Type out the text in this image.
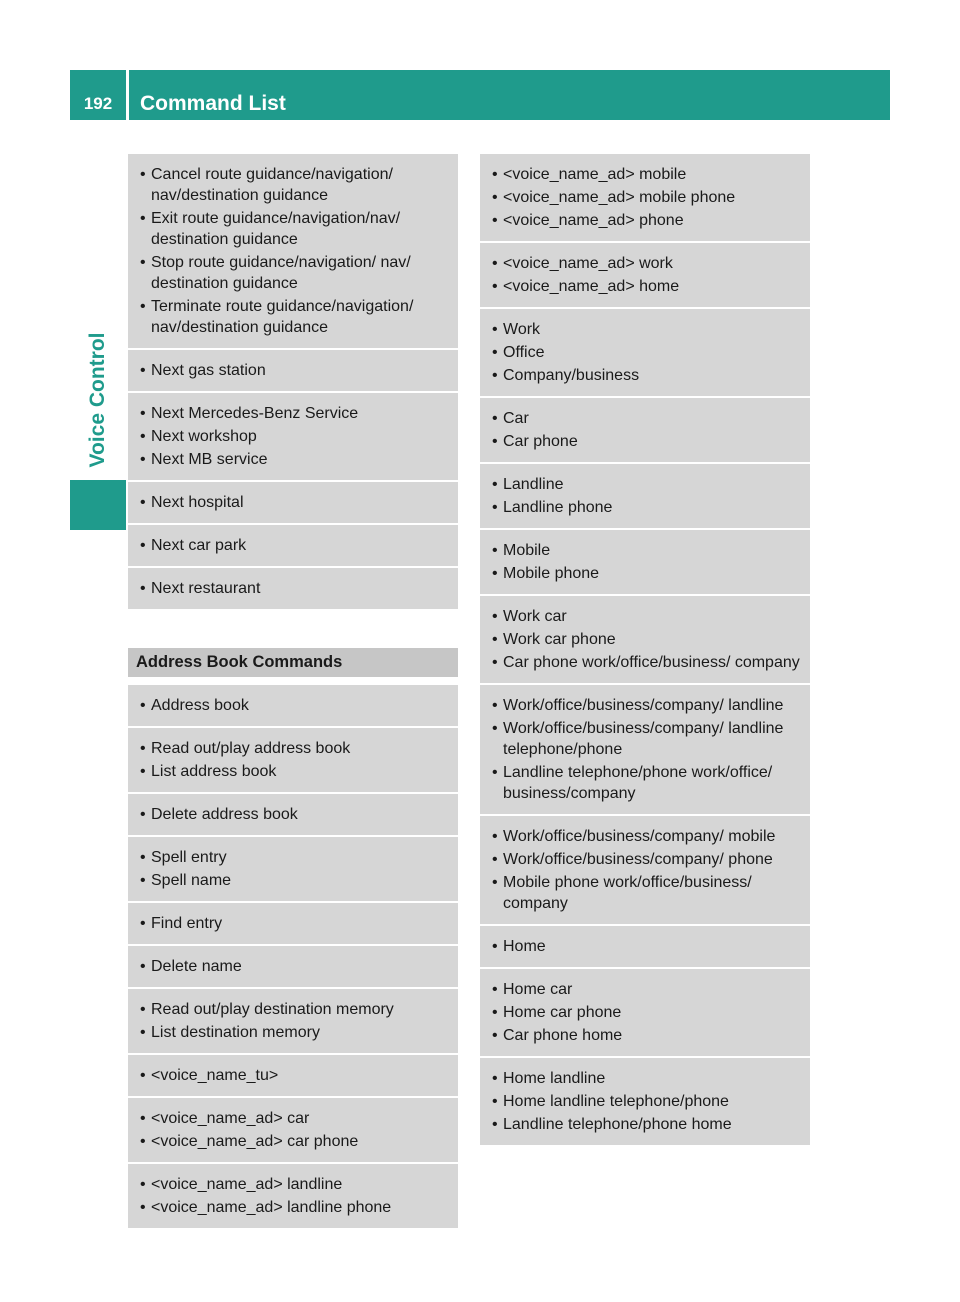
192	Command List
Voice Control
• Cancel route guidance/navigation/ nav/destination guidance
• Exit route guidance/navigation/nav/ destination guidance
• Stop route guidance/navigation/ nav/ destination guidance
• Terminate route guidance/navigation/ nav/destination guidance
• Next gas station
• Next Mercedes-Benz Service
• Next workshop
• Next MB service
• Next hospital
• Next car park
• Next restaurant
Address Book Commands
• Address book
• Read out/play address book
• List address book
• Delete address book
• Spell entry
• Spell name
• Find entry
• Delete name
• Read out/play destination memory
• List destination memory
• <voice_name_tu>
• <voice_name_ad> car
• <voice_name_ad> car phone
• <voice_name_ad> landline
• <voice_name_ad> landline phone
• <voice_name_ad> mobile
• <voice_name_ad> mobile phone
• <voice_name_ad> phone
• <voice_name_ad> work
• <voice_name_ad> home
• Work
• Office
• Company/business
• Car
• Car phone
• Landline
• Landline phone
• Mobile
• Mobile phone
• Work car
• Work car phone
• Car phone work/office/business/ company
• Work/office/business/company/ landline
• Work/office/business/company/ landline telephone/phone
• Landline telephone/phone work/office/ business/company
• Work/office/business/company/ mobile
• Work/office/business/company/ phone
• Mobile phone work/office/business/ company
• Home
• Home car
• Home car phone
• Car phone home
• Home landline
• Home landline telephone/phone
• Landline telephone/phone home
